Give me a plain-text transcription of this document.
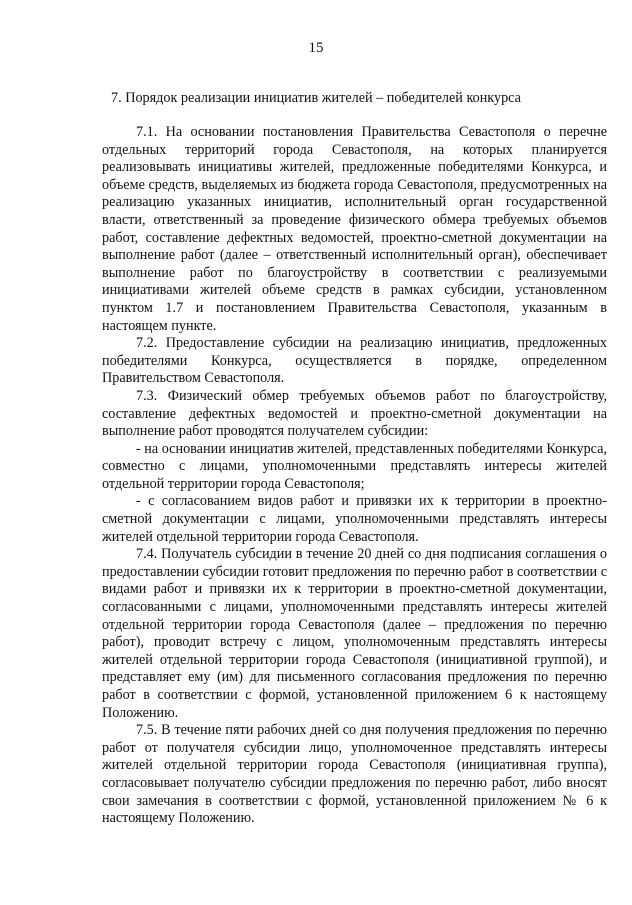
15
7. Порядок реализации инициатив жителей – победителей конкурса

7.1. На основании постановления Правительства Севастополя о перечне отдельных территорий города Севастополя, на которых планируется реализовывать инициативы жителей, предложенные победителями Конкурса, и объеме средств, выделяемых из бюджета города Севастополя, предусмотренных на реализацию указанных инициатив, исполнительный орган государственной власти, ответственный за проведение физического обмера требуемых объемов работ, составление дефектных ведомостей, проектно-сметной документации на выполнение работ (далее – ответственный исполнительный орган), обеспечивает выполнение работ по благоустройству в соответствии с реализуемыми инициативами жителей объеме средств в рамках субсидии, установленном пунктом 1.7 и постановлением Правительства Севастополя, указанным в настоящем пункте.

7.2. Предоставление субсидии на реализацию инициатив, предложенных победителями Конкурса, осуществляется в порядке, определенном Правительством Севастополя.

7.3. Физический обмер требуемых объемов работ по благоустройству, составление дефектных ведомостей и проектно-сметной документации на выполнение работ проводятся получателем субсидии:

- на основании инициатив жителей, представленных победителями Конкурса, совместно с лицами, уполномоченными представлять интересы жителей отдельной территории города Севастополя;

- с согласованием видов работ и привязки их к территории в проектно-сметной документации с лицами, уполномоченными представлять интересы жителей отдельной территории города Севастополя.

7.4. Получатель субсидии в течение 20 дней со дня подписания соглашения о предоставлении субсидии готовит предложения по перечню работ в соответствии с видами работ и привязки их к территории в проектно-сметной документации, согласованными с лицами, уполномоченными представлять интересы жителей отдельной территории города Севастополя (далее – предложения по перечню работ), проводит встречу с лицом, уполномоченным представлять интересы жителей отдельной территории города Севастополя (инициативной группой), и представляет ему (им) для письменного согласования предложения по перечню работ в соответствии с формой, установленной приложением 6 к настоящему Положению.

7.5. В течение пяти рабочих дней со дня получения предложения по перечню работ от получателя субсидии лицо, уполномоченное представлять интересы жителей отдельной территории города Севастополя (инициативная группа), согласовывает получателю субсидии предложения по перечню работ, либо вносят свои замечания в соответствии с формой, установленной приложением № 6 к настоящему Положению.
